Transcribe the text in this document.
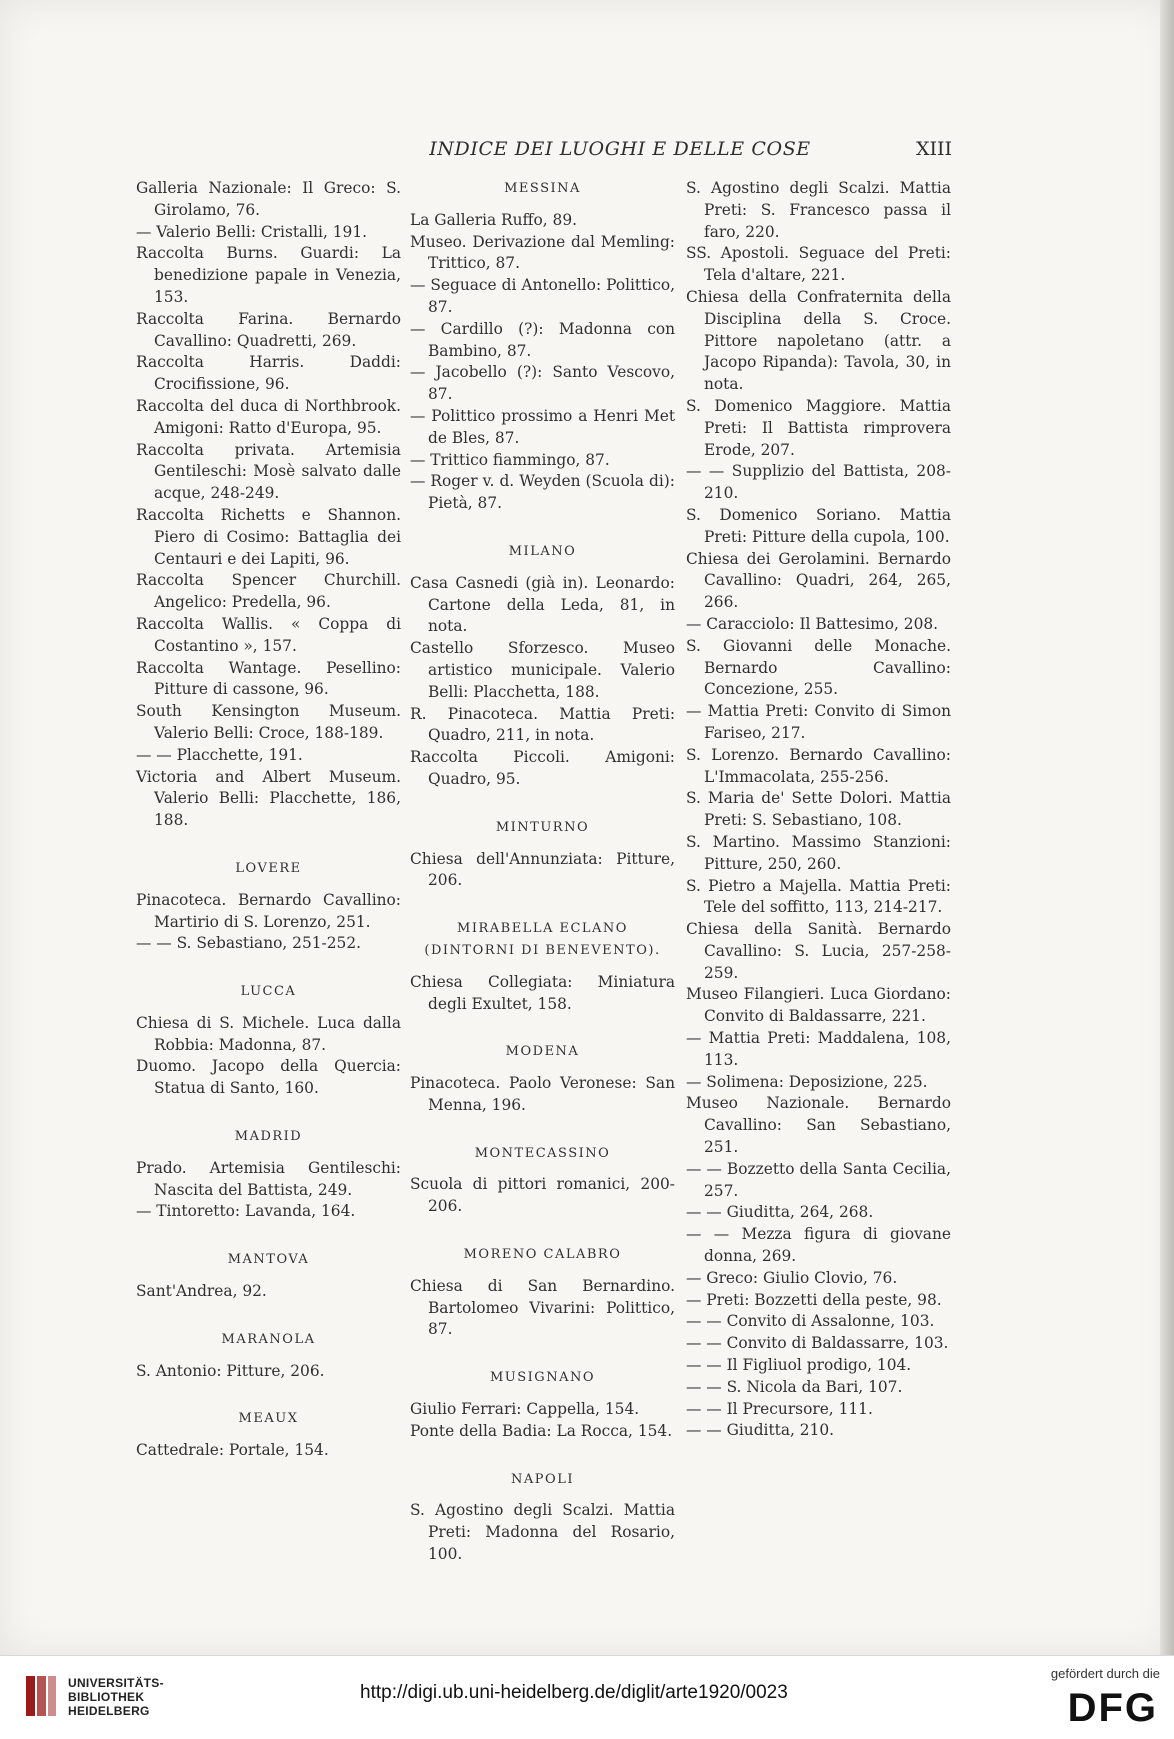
INDICE DEI LUOGHI E DELLE COSE	XIII
Galleria Nazionale: Il Greco: S. Girolamo, 76.
— Valerio Belli: Cristalli, 191.
Raccolta Burns. Guardi: La benedizione papale in Venezia, 153.
Raccolta Farina. Bernardo Cavallino: Quadretti, 269.
Raccolta Harris. Daddi: Crocifissione, 96.
Raccolta del duca di Northbrook. Amigoni: Ratto d'Europa, 95.
Raccolta privata. Artemisia Gentileschi: Mosè salvato dalle acque, 248-249.
Raccolta Richetts e Shannon. Piero di Cosimo: Battaglia dei Centauri e dei Lapiti, 96.
Raccolta Spencer Churchill. Angelico: Predella, 96.
Raccolta Wallis. « Coppa di Costantino », 157.
Raccolta Wantage. Pesellino: Pitture di cassone, 96.
South Kensington Museum. Valerio Belli: Croce, 188-189.
— — Placchette, 191.
Victoria and Albert Museum. Valerio Belli: Placchette, 186, 188.
LOVERE
Pinacoteca. Bernardo Cavallino: Martirio di S. Lorenzo, 251.
— — S. Sebastiano, 251-252.
LUCCA
Chiesa di S. Michele. Luca dalla Robbia: Madonna, 87.
Duomo. Jacopo della Quercia: Statua di Santo, 160.
MADRID
Prado. Artemisia Gentileschi: Nascita del Battista, 249.
— Tintoretto: Lavanda, 164.
MANTOVA
Sant'Andrea, 92.
MARANOLA
S. Antonio: Pitture, 206.
MEAUX
Cattedrale: Portale, 154.
MESSINA
La Galleria Ruffo, 89.
Museo. Derivazione dal Memling: Trittico, 87.
— Seguace di Antonello: Polittico, 87.
— Cardillo (?): Madonna con Bambino, 87.
— Jacobello (?): Santo Vescovo, 87.
— Polittico prossimo a Henri Met de Bles, 87.
— Trittico fiammingo, 87.
— Roger v. d. Weyden (Scuola di): Pietà, 87.
MILANO
Casa Casnedi (già in). Leonardo: Cartone della Leda, 81, in nota.
Castello Sforzesco. Museo artistico municipale. Valerio Belli: Placchetta, 188.
R. Pinacoteca. Mattia Preti: Quadro, 211, in nota.
Raccolta Piccoli. Amigoni: Quadro, 95.
MINTURNO
Chiesa dell'Annunziata: Pitture, 206.
MIRABELLA ECLANO (DINTORNI DI BENEVENTO).
Chiesa Collegiata: Miniatura degli Exultet, 158.
MODENA
Pinacoteca. Paolo Veronese: San Menna, 196.
MONTECASSINO
Scuola di pittori romanici, 200-206.
MORENO CALABRO
Chiesa di San Bernardino. Bartolomeo Vivarini: Polittico, 87.
MUSIGNANO
Giulio Ferrari: Cappella, 154.
Ponte della Badia: La Rocca, 154.
NAPOLI
S. Agostino degli Scalzi. Mattia Preti: Madonna del Rosario, 100.
S. Agostino degli Scalzi. Mattia Preti: S. Francesco passa il faro, 220.
SS. Apostoli. Seguace del Preti: Tela d'altare, 221.
Chiesa della Confraternita della Disciplina della S. Croce. Pittore napoletano (attr. a Jacopo Ripanda): Tavola, 30, in nota.
S. Domenico Maggiore. Mattia Preti: Il Battista rimprovera Erode, 207.
— — Supplizio del Battista, 208-210.
S. Domenico Soriano. Mattia Preti: Pitture della cupola, 100.
Chiesa dei Gerolamini. Bernardo Cavallino: Quadri, 264, 265, 266.
— Caracciolo: Il Battesimo, 208.
S. Giovanni delle Monache. Bernardo Cavallino: Concezione, 255.
— Mattia Preti: Convito di Simon Fariseo, 217.
S. Lorenzo. Bernardo Cavallino: L'Immacolata, 255-256.
S. Maria de' Sette Dolori. Mattia Preti: S. Sebastiano, 108.
S. Martino. Massimo Stanzioni: Pitture, 250, 260.
S. Pietro a Majella. Mattia Preti: Tele del soffitto, 113, 214-217.
Chiesa della Sanità. Bernardo Cavallino: S. Lucia, 257-258-259.
Museo Filangieri. Luca Giordano: Convito di Baldassarre, 221.
— Mattia Preti: Maddalena, 108, 113.
— Solimena: Deposizione, 225.
Museo Nazionale. Bernardo Cavallino: San Sebastiano, 251.
— — Bozzetto della Santa Cecilia, 257.
— — Giuditta, 264, 268.
— — Mezza figura di giovane donna, 269.
— Greco: Giulio Clovio, 76.
— Preti: Bozzetti della peste, 98.
— — Convito di Assalonne, 103.
— — Convito di Baldassarre, 103.
— — Il Figliuol prodigo, 104.
— — S. Nicola da Bari, 107.
— — Il Precursore, 111.
— — Giuditta, 210.
UNIVERSITÄTS-
BIBLIOTHEK
HEIDELBERG
http://digi.ub.uni-heidelberg.de/diglit/arte1920/0023
gefördert durch die
DFG
